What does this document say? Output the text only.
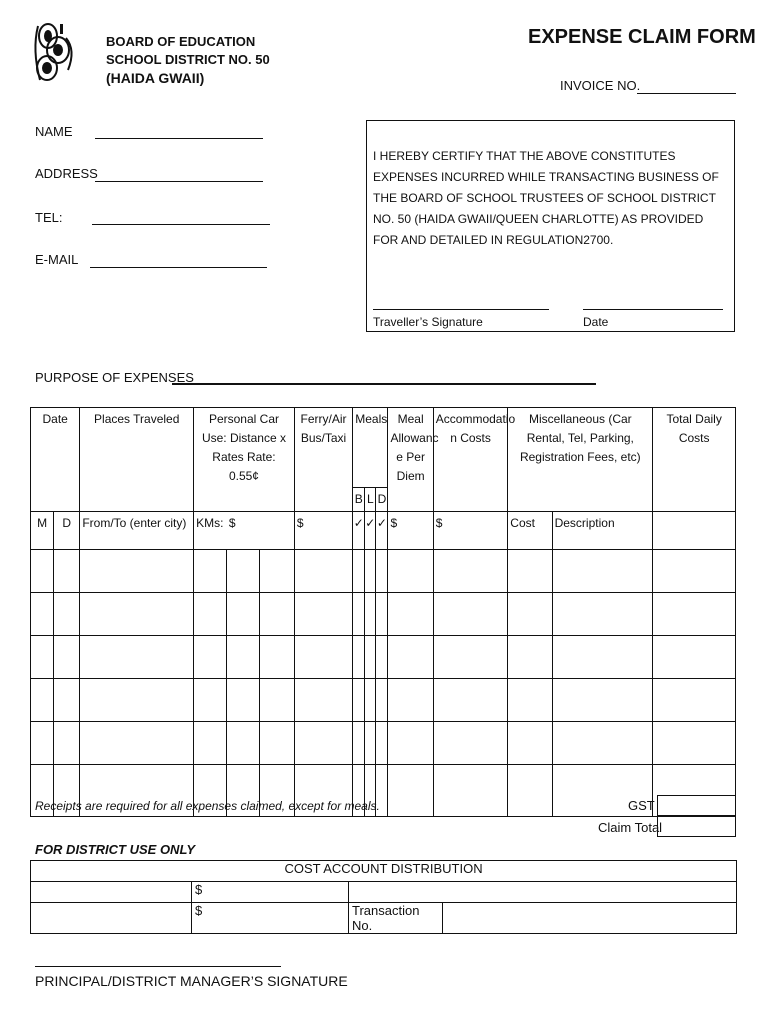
BOARD OF EDUCATION
SCHOOL DISTRICT NO. 50
(HAIDA GWAII)
EXPENSE CLAIM FORM
INVOICE NO.
NAME
ADDRESS
TEL:
E-MAIL
I HEREBY CERTIFY THAT THE ABOVE CONSTITUTES EXPENSES INCURRED WHILE TRANSACTING BUSINESS OF THE BOARD OF SCHOOL TRUSTEES OF SCHOOL DISTRICT NO. 50 (HAIDA GWAII/QUEEN CHARLOTTE) AS PROVIDED FOR AND DETAILED IN REGULATION2700.
Traveller’s Signature	Date
PURPOSE OF EXPENSES
Date		Places Traveled	Personal Car Use: Distance x Rates Rate: 0.55¢			Ferry/Air Bus/Taxi	Meals			Meal Allowanc e Per Diem	Accommodatio n Costs	Miscellaneous (Car Rental, Tel, Parking, Registration Fees, etc)		Total Daily Costs
							B	L	D					
M	D	From/To (enter city)	KMs:	$		$	✓	✓	✓	$	$	Cost	Description	

Receipts are required for all expenses claimed, except for meals.	GST
Claim Total
FOR DISTRICT USE ONLY
COST ACCOUNT DISTRIBUTION			
	$		
	$	Transaction No.	
PRINCIPAL/DISTRICT MANAGER’S SIGNATURE
